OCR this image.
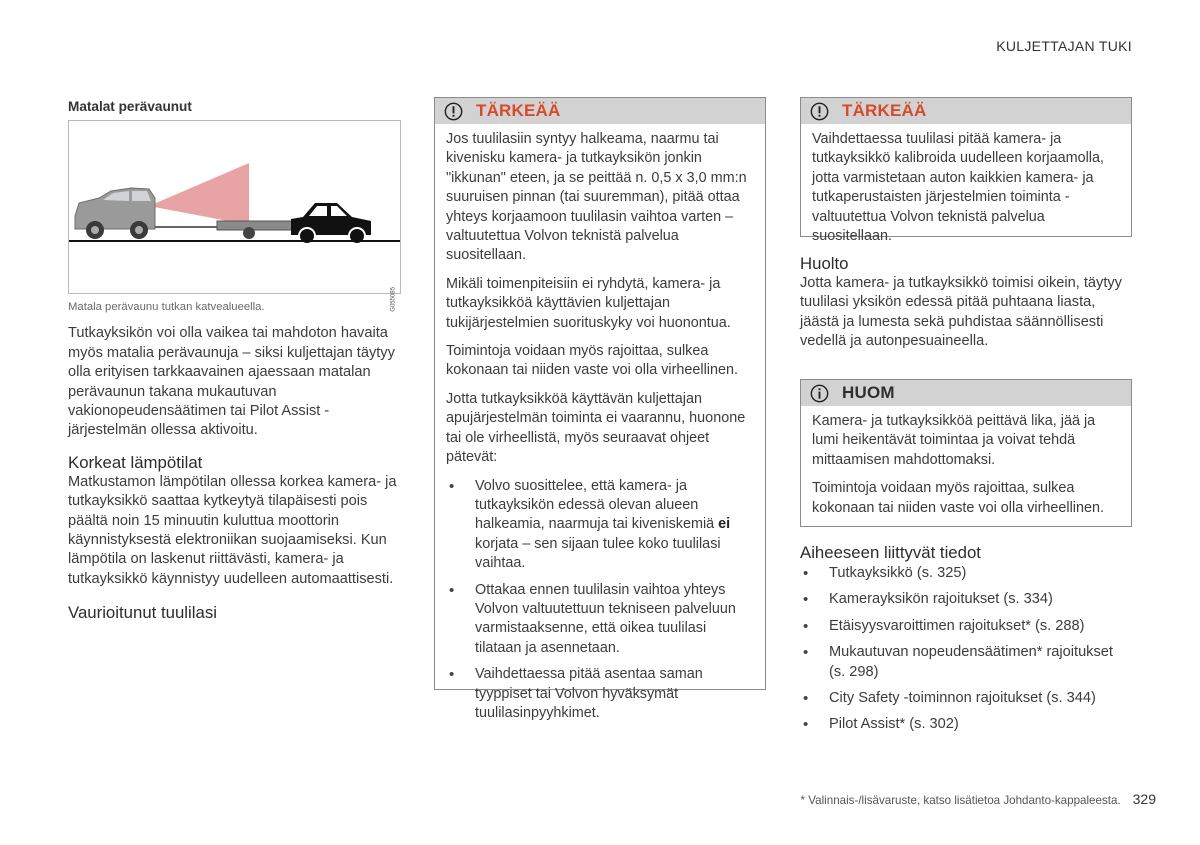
KULJETTAJAN TUKI
Matalat perävaunut
G055085

Matala perävaunu tutkan katvealueella.

Tutkayksikön voi olla vaikea tai mahdoton havaita myös matalia perävaunuja – siksi kuljettajan täytyy olla erityisen tarkkaavainen ajaessaan matalan perävaunun takana mukautuvan vakionopeudensäätimen tai Pilot Assist -järjestelmän ollessa aktivoitu.

Korkeat lämpötilat

Matkustamon lämpötilan ollessa korkea kamera- ja tutkayksikkö saattaa kytkeytyä tilapäisesti pois päältä noin 15 minuutin kuluttua moottorin käynnistyksestä elektroniikan suojaamiseksi. Kun lämpötila on laskenut riittävästi, kamera- ja tutkayksikkö käynnistyy uudelleen automaattisesti.

Vaurioitunut tuulilasi
TÄRKEÄÄ

Jos tuulilasiin syntyy halkeama, naarmu tai kivenisku kamera- ja tutkayksikön jonkin "ikkunan" eteen, ja se peittää n. 0,5 x 3,0 mm:n suuruisen pinnan (tai suuremman), pitää ottaa yhteys korjaamoon tuulilasin vaihtoa varten – valtuutettua Volvon teknistä palvelua suositellaan.

Mikäli toimenpiteisiin ei ryhdytä, kamera- ja tutkayksikköä käyttävien kuljettajan tukijärjestelmien suorituskyky voi huonontua.

Toimintoja voidaan myös rajoittaa, sulkea kokonaan tai niiden vaste voi olla virheellinen.

Jotta tutkayksikköä käyttävän kuljettajan apujärjestelmän toiminta ei vaarannu, huonone tai ole virheellistä, myös seuraavat ohjeet pätevät:

• Volvo suosittelee, että kamera- ja tutkayksikön edessä olevan alueen halkeamia, naarmuja tai kiveniskemiä ei korjata – sen sijaan tulee koko tuulilasi vaihtaa.
• Ottakaa ennen tuulilasin vaihtoa yhteys Volvon valtuutettuun tekniseen palveluun varmistaaksenne, että oikea tuulilasi tilataan ja asennetaan.
• Vaihdettaessa pitää asentaa saman tyyppiset tai Volvon hyväksymät tuulilasinpyyhkimet.
TÄRKEÄÄ

Vaihdettaessa tuulilasi pitää kamera- ja tutkayksikkö kalibroida uudelleen korjaamolla, jotta varmistetaan auton kaikkien kamera- ja tutkaperustaisten järjestelmien toiminta - valtuutettua Volvon teknistä palvelua suositellaan.

Huolto

Jotta kamera- ja tutkayksikkö toimisi oikein, täytyy tuulilasi yksikön edessä pitää puhtaana liasta, jäästä ja lumesta sekä puhdistaa säännöllisesti vedellä ja autonpesuaineella.

HUOM

Kamera- ja tutkayksikköä peittävä lika, jää ja lumi heikentävät toimintaa ja voivat tehdä mittaamisen mahdottomaksi.

Toimintoja voidaan myös rajoittaa, sulkea kokonaan tai niiden vaste voi olla virheellinen.

Aiheeseen liittyvät tiedot
• Tutkayksikkö (s. 325)
• Kamerayksikön rajoitukset (s. 334)
• Etäisyysvaroittimen rajoitukset* (s. 288)
• Mukautuvan nopeudensäätimen* rajoitukset (s. 298)
• City Safety -toiminnon rajoitukset (s. 344)
• Pilot Assist* (s. 302)
* Valinnais-/lisävaruste, katso lisätietoa Johdanto-kappaleesta. 329
